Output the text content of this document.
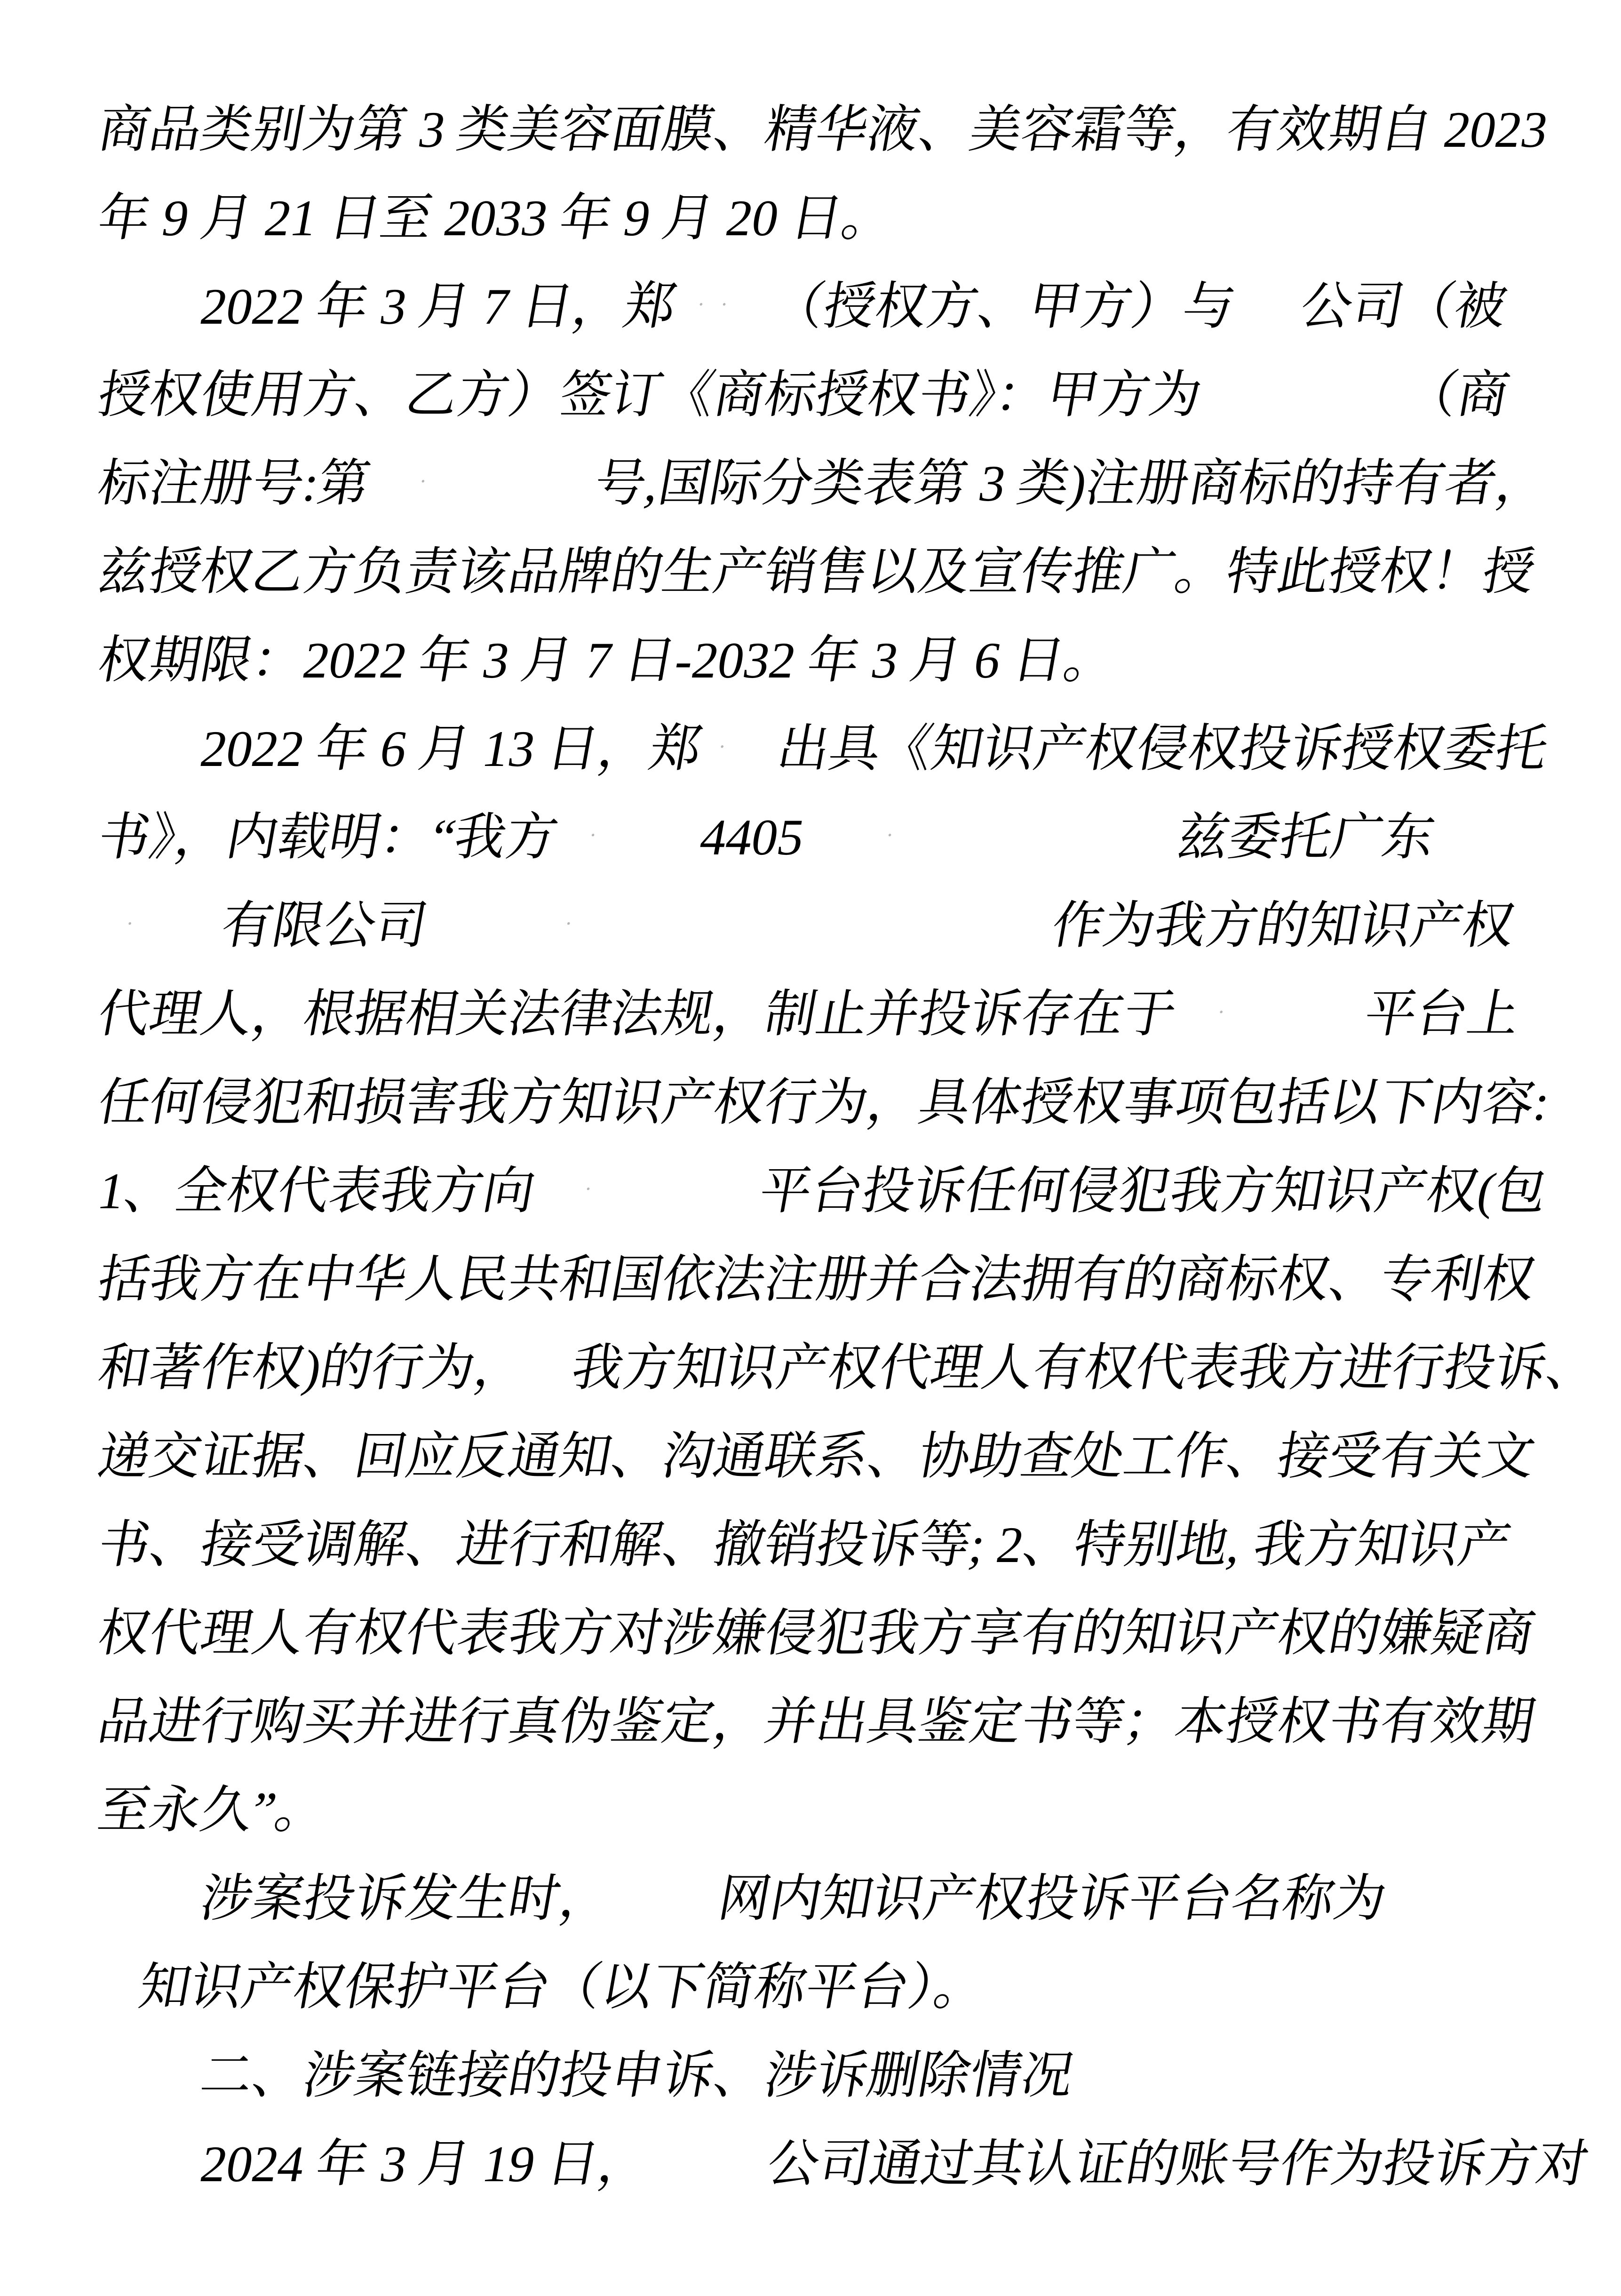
商品类别为第 3 类美容面膜、精华液、美容霜等，有效期自 2023
年 9 月 21 日至 2033 年 9 月 20 日。
2022 年 3 月 7 日，郑 ·· （授权方、甲方）与 公司（被
授权使用方、乙方）签订《商标授权书》：甲方为	（商
标注册号:第 ·	号,国际分类表第 3 类)注册商标的持有者，
兹授权乙方负责该品牌的生产销售以及宣传推广。特此授权！授
权期限：2022 年 3 月 7 日-2032 年 3 月 6 日。
2022 年 6 月 13 日，郑 · 出具《知识产权侵权投诉授权委托
书》，内载明：“我方 · 4405	·	兹委托广东
· 有限公司	·	作为我方的知识产权
代理人，根据相关法律法规，制止并投诉存在于 · 平台上
任何侵犯和损害我方知识产权行为，具体授权事项包括以下内容:
1、全权代表我方向 ·	平台投诉任何侵犯我方知识产权(包
括我方在中华人民共和国依法注册并合法拥有的商标权、专利权
和著作权)的行为， 我方知识产权代理人有权代表我方进行投诉、
递交证据、回应反通知、沟通联系、协助查处工作、接受有关文
书、接受调解、进行和解、撤销投诉等; 2、特别地, 我方知识产
权代理人有权代表我方对涉嫌侵犯我方享有的知识产权的嫌疑商
品进行购买并进行真伪鉴定，并出具鉴定书等；本授权书有效期
至永久”。
涉案投诉发生时， 网内知识产权投诉平台名称为
知识产权保护平台（以下简称平台）。
二、涉案链接的投申诉、涉诉删除情况
2024 年 3 月 19 日， 公司通过其认证的账号作为投诉方对
